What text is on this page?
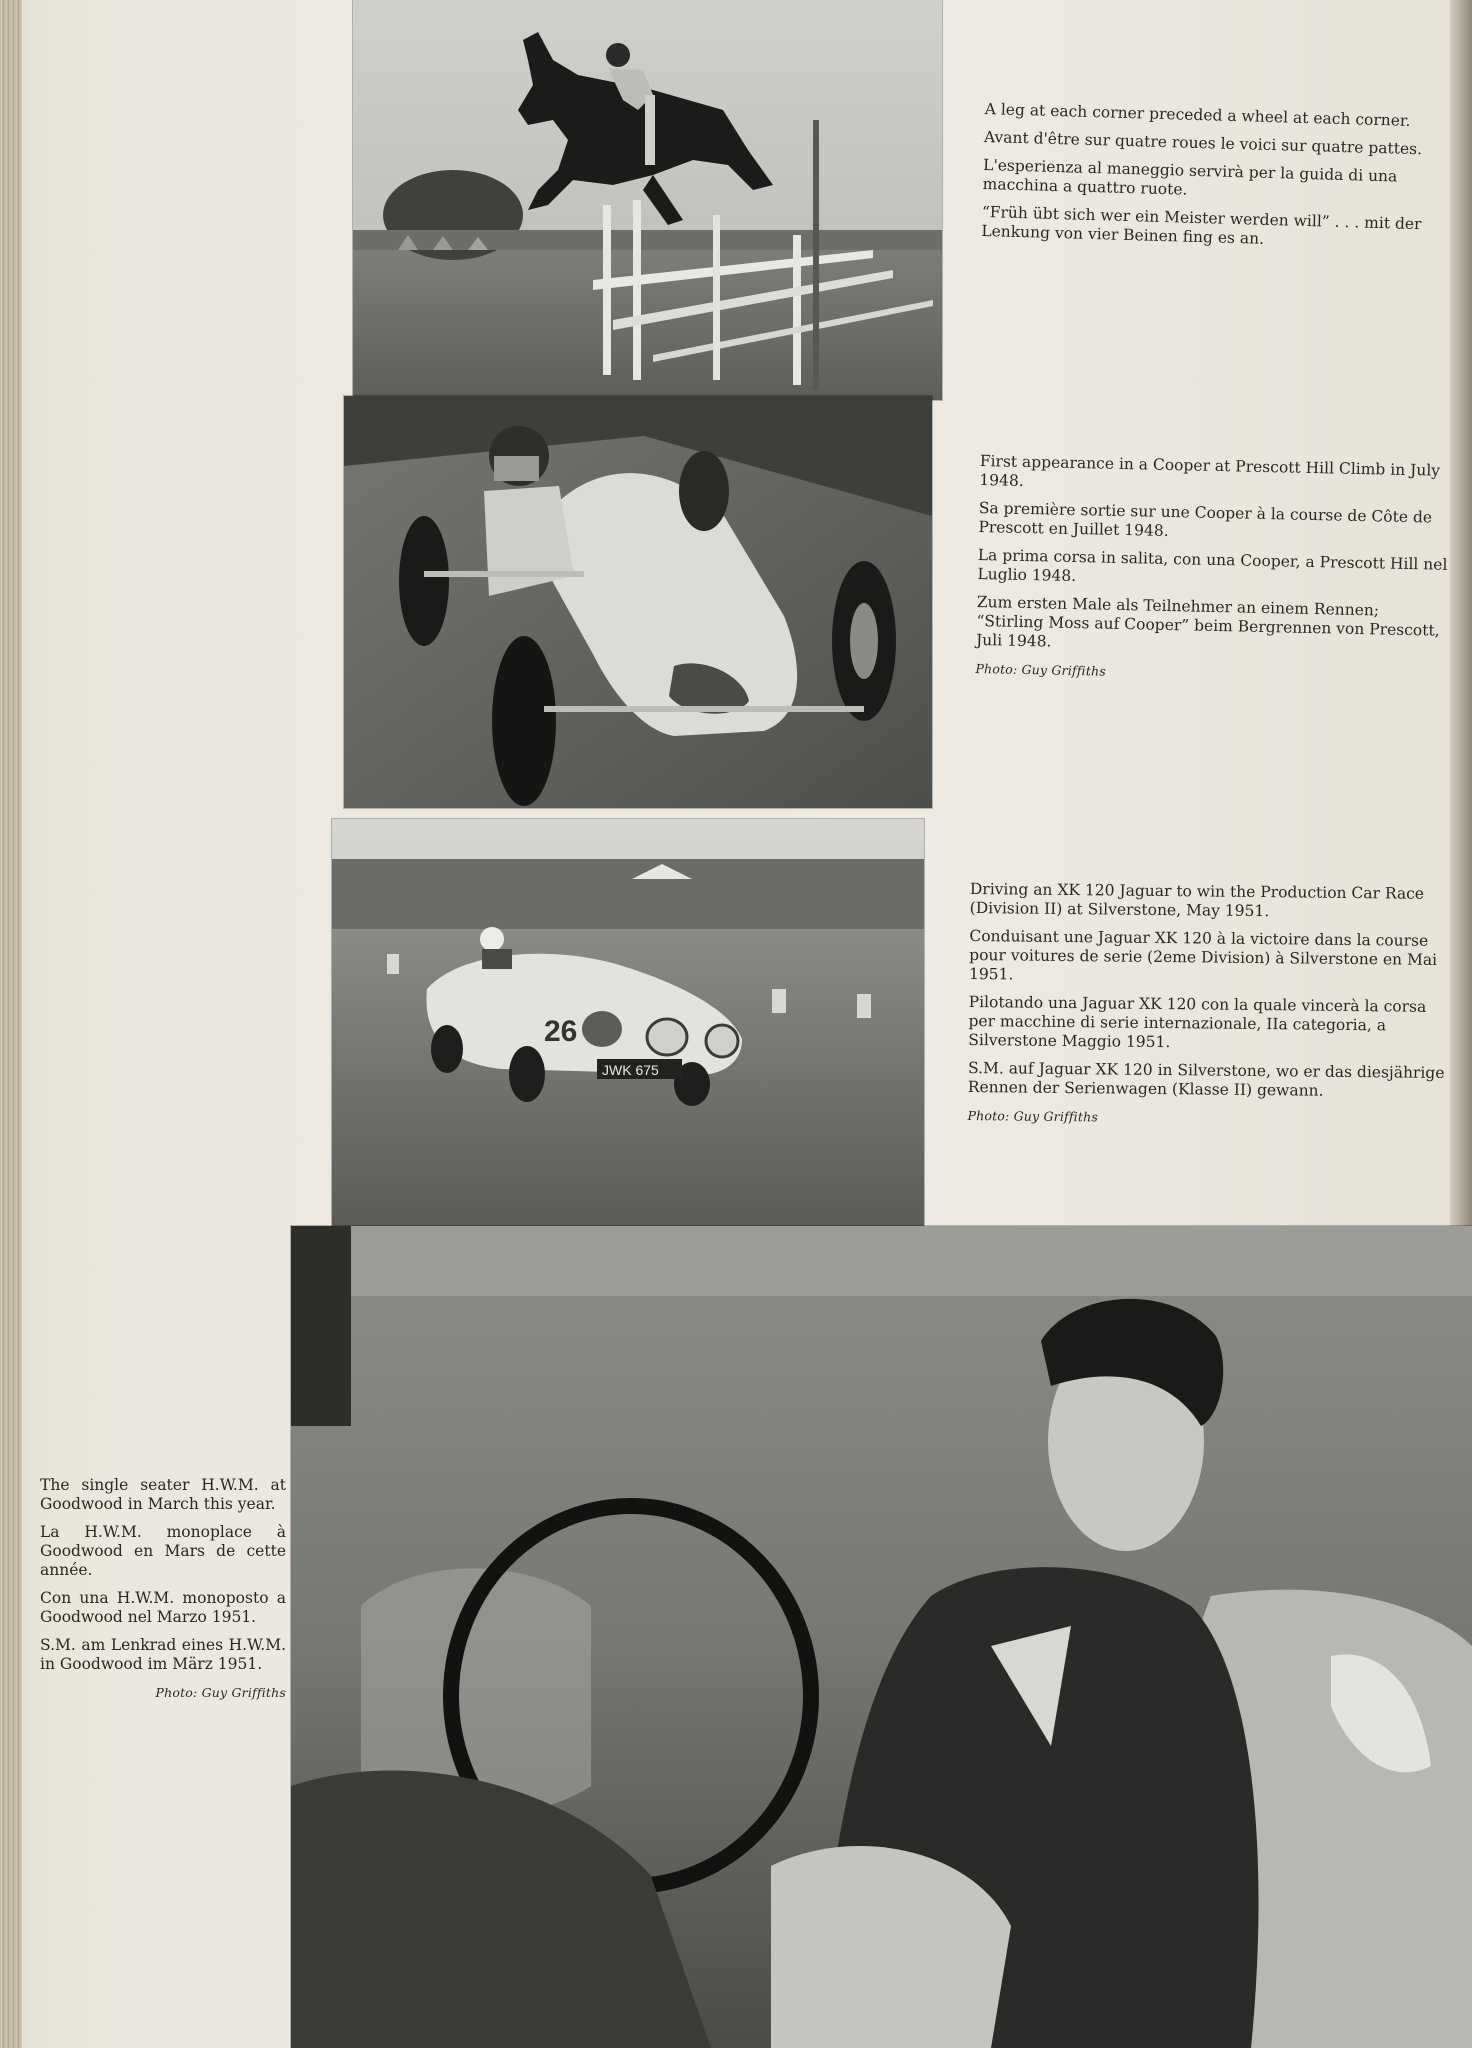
26
JWK 675

A leg at each corner preceded a wheel at each corner.

Avant d'être sur quatre roues le voici sur quatre pattes.

L'esperienza al maneggio servirà per la guida di una macchina a quattro ruote.

“Früh übt sich wer ein Meister werden will” . . . mit der Lenkung von vier Beinen fing es an.

First appearance in a Cooper at Prescott Hill Climb in July 1948.

Sa première sortie sur une Cooper à la course de Côte de Prescott en Juillet 1948.

La prima corsa in salita, con una Cooper, a Prescott Hill nel Luglio 1948.

Zum ersten Male als Teilnehmer an einem Rennen; “Stirling Moss auf Cooper” beim Bergrennen von Prescott, Juli 1948.

Photo: Guy Griffiths

Driving an XK 120 Jaguar to win the Production Car Race (Division II) at Silverstone, May 1951.

Conduisant une Jaguar XK 120 à la victoire dans la course pour voitures de serie (2eme Division) à Silverstone en Mai 1951.

Pilotando una Jaguar XK 120 con la quale vincerà la corsa per macchine di serie internazionale, IIa categoria, a Silverstone Maggio 1951.

S.M. auf Jaguar XK 120 in Silverstone, wo er das diesjährige Rennen der Serienwagen (Klasse II) gewann.

Photo: Guy Griffiths

The single seater H.W.M. at Goodwood in March this year.

La H.W.M. monoplace à Goodwood en Mars de cette année.

Con una H.W.M. monoposto a Goodwood nel Marzo 1951.

S.M. am Lenkrad eines H.W.M. in Goodwood im März 1951.

Photo: Guy Griffiths
